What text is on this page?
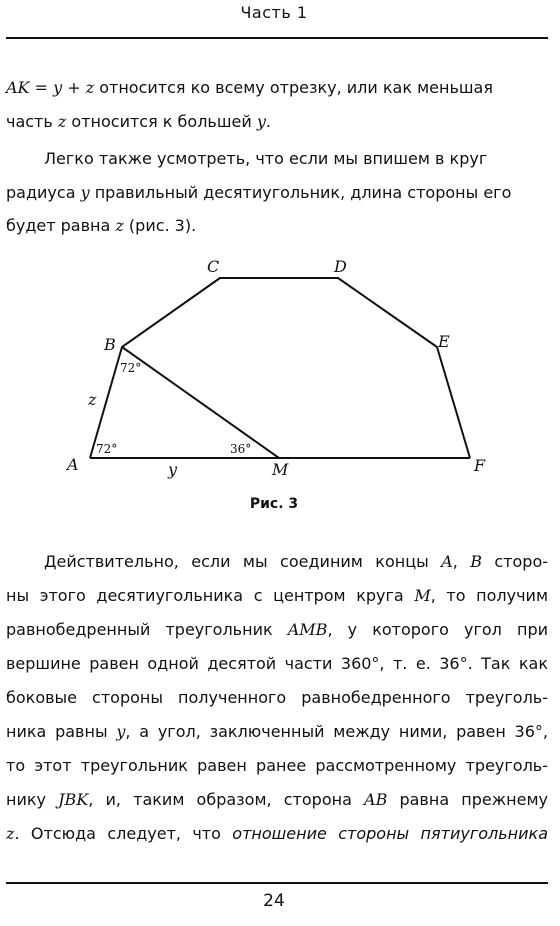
Часть 1
AK = y + z относится ко всему отрезку, или как меньшая
часть z относится к большей y.
Легко также усмотреть, что если мы впишем в круг
радиуса y правильный десятиугольник, длина стороны его
будет равна z (рис. 3).
A
B
C	D
E
F
M
z
y
72°
72°
36°
Рис. 3
Действительно, если мы соединим концы A, B сторо-
ны этого десятиугольника с центром круга M, то получим
равнобедренный треугольник AMB, у которого угол при
вершине равен одной десятой части 360°, т. е. 36°. Так как
боковые стороны полученного равнобедренного треуголь-
ника равны y, а угол, заключенный между ними, равен 36°,
то этот треугольник равен ранее рассмотренному треуголь-
нику JBK, и, таким образом, сторона AB равна прежнему
z. Отсюда следует, что отношение стороны пятиугольника
24
